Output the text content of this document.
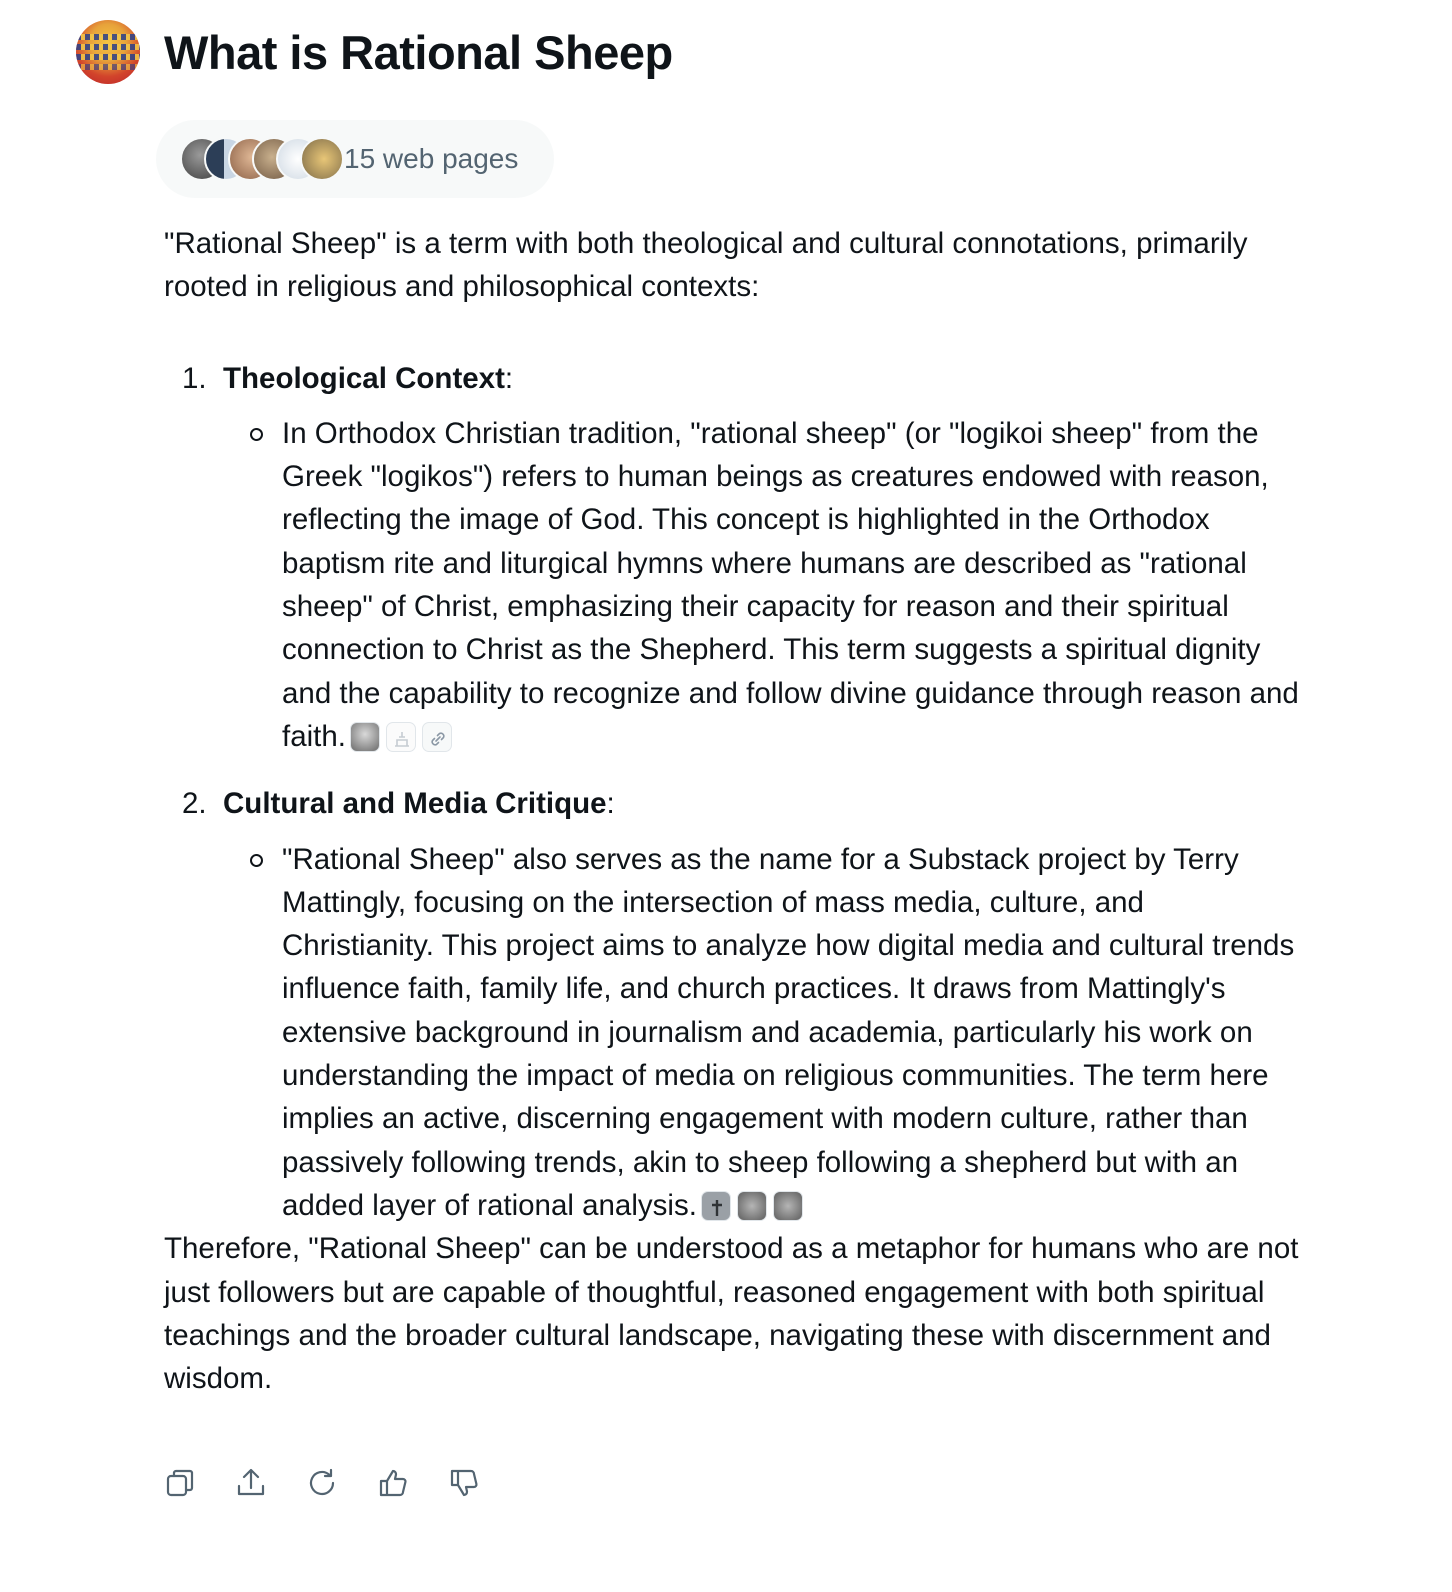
What is Rational Sheep
15 web pages

"Rational Sheep" is a term with both theological and cultural connotations, primarily rooted in religious and philosophical contexts:

1. Theological Context:
In Orthodox Christian tradition, "rational sheep" (or "logikoi sheep" from the Greek "logikos") refers to human beings as creatures endowed with reason, reflecting the image of God. This concept is highlighted in the Orthodox baptism rite and liturgical hymns where humans are described as "rational sheep" of Christ, emphasizing their capacity for reason and their spiritual connection to Christ as the Shepherd. This term suggests a spiritual dignity and the capability to recognize and follow divine guidance through reason and faith.
2. Cultural and Media Critique:
"Rational Sheep" also serves as the name for a Substack project by Terry Mattingly, focusing on the intersection of mass media, culture, and Christianity. This project aims to analyze how digital media and cultural trends influence faith, family life, and church practices. It draws from Mattingly's extensive background in journalism and academia, particularly his work on understanding the impact of media on religious communities. The term here implies an active, discerning engagement with modern culture, rather than passively following trends, akin to sheep following a shepherd but with an added layer of rational analysis.

Therefore, "Rational Sheep" can be understood as a metaphor for humans who are not just followers but are capable of thoughtful, reasoned engagement with both spiritual teachings and the broader cultural landscape, navigating these with discernment and wisdom.
